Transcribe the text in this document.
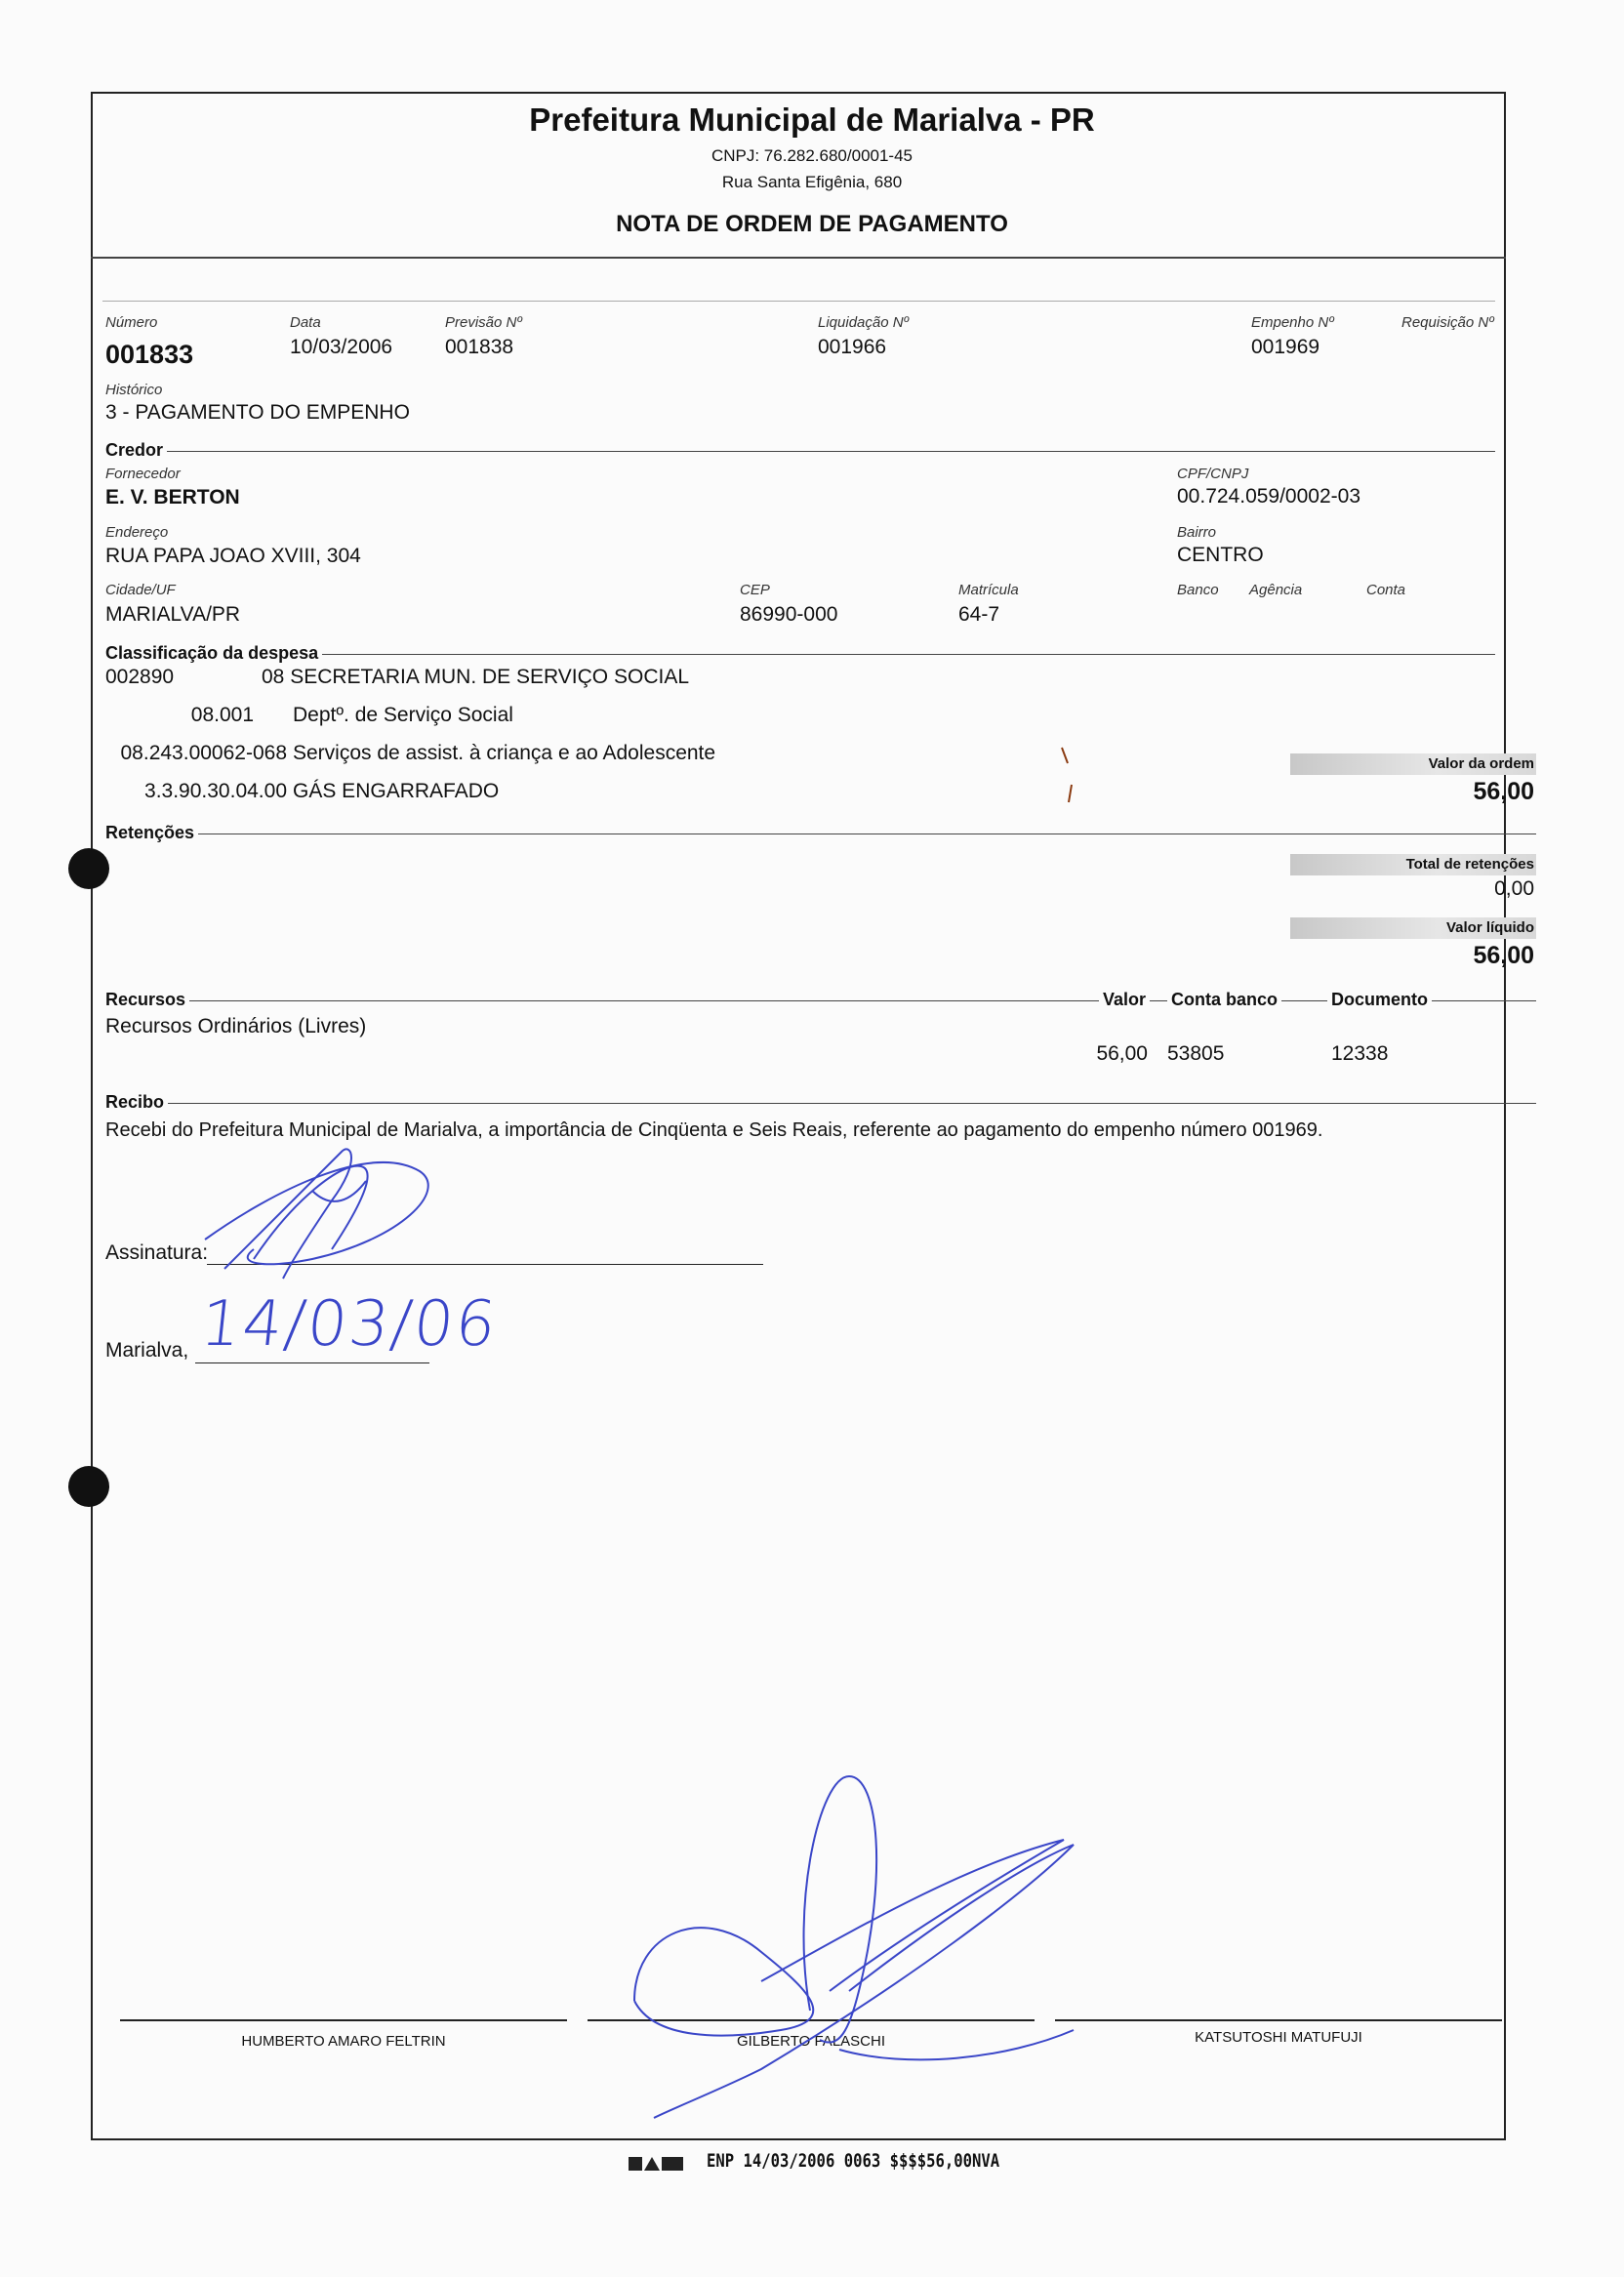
Prefeitura Municipal de Marialva - PR
CNPJ: 76.282.680/0001-45
Rua Santa Efigênia, 680
NOTA DE ORDEM DE PAGAMENTO
Número
001833
Data
10/03/2006
Previsão Nº
001838
Liquidação Nº
001966
Empenho Nº
001969
Requisição Nº
Histórico
3 - PAGAMENTO DO EMPENHO
Credor
Fornecedor
E. V. BERTON
CPF/CNPJ
00.724.059/0002-03
Endereço
RUA PAPA JOAO XVIII, 304
Bairro
CENTRO
Cidade/UF
MARIALVA/PR
CEP
86990-000
Matrícula
64-7
Banco Agência	Conta
Classificação da despesa
002890	08 SECRETARIA MUN. DE SERVIÇO SOCIAL
08.001 Deptº. de Serviço Social
08.243.00062-068 Serviços de assist. à criança e ao Adolescente
3.3.90.30.04.00 GÁS ENGARRAFADO
Valor da ordem
56,00
Retenções
Total de retenções
0,00
Valor líquido
56,00
Recursos	Valor Conta banco	Documento
Recursos Ordinários (Livres)
56,00 53805	12338
Recibo
Recebi do Prefeitura Municipal de Marialva, a importância de Cinqüenta e Seis Reais, referente ao pagamento do empenho número 001969.
Assinatura:
Marialva, 14/03/06
HUMBERTO AMARO FELTRIN	GILBERTO FALASCHI	KATSUTOSHI MATUFUJI
ENP 14/03/2006 0063 $$$$56,00NVA
